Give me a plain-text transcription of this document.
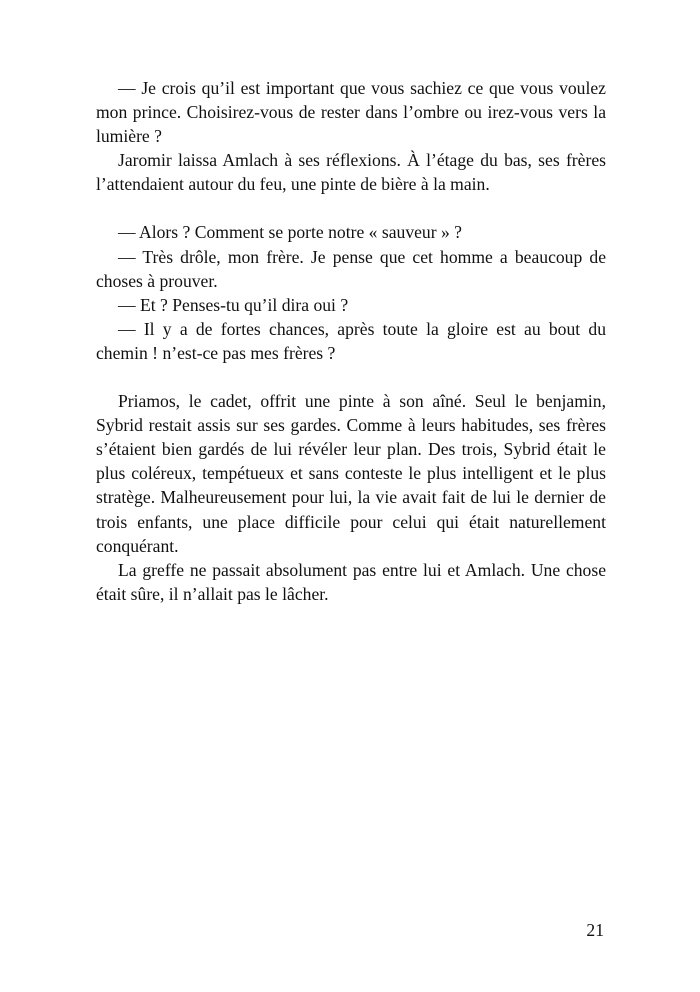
— Je crois qu’il est important que vous sachiez ce que vous voulez mon prince. Choisirez-vous de rester dans l’ombre ou irez-vous vers la lumière ?

Jaromir laissa Amlach à ses réflexions. À l’étage du bas, ses frères l’attendaient autour du feu, une pinte de bière à la main.

— Alors ? Comment se porte notre « sauveur » ?

— Très drôle, mon frère. Je pense que cet homme a beaucoup de choses à prouver.

— Et ? Penses-tu qu’il dira oui ?

— Il y a de fortes chances, après toute la gloire est au bout du chemin ! n’est-ce pas mes frères ?

Priamos, le cadet, offrit une pinte à son aîné. Seul le benjamin, Sybrid restait assis sur ses gardes. Comme à leurs habitudes, ses frères s’étaient bien gardés de lui révéler leur plan. Des trois, Sybrid était le plus coléreux, tempétueux et sans conteste le plus intelligent et le plus stratège. Malheureusement pour lui, la vie avait fait de lui le dernier de trois enfants, une place difficile pour celui qui était naturellement conquérant.

La greffe ne passait absolument pas entre lui et Amlach. Une chose était sûre, il n’allait pas le lâcher.

21
